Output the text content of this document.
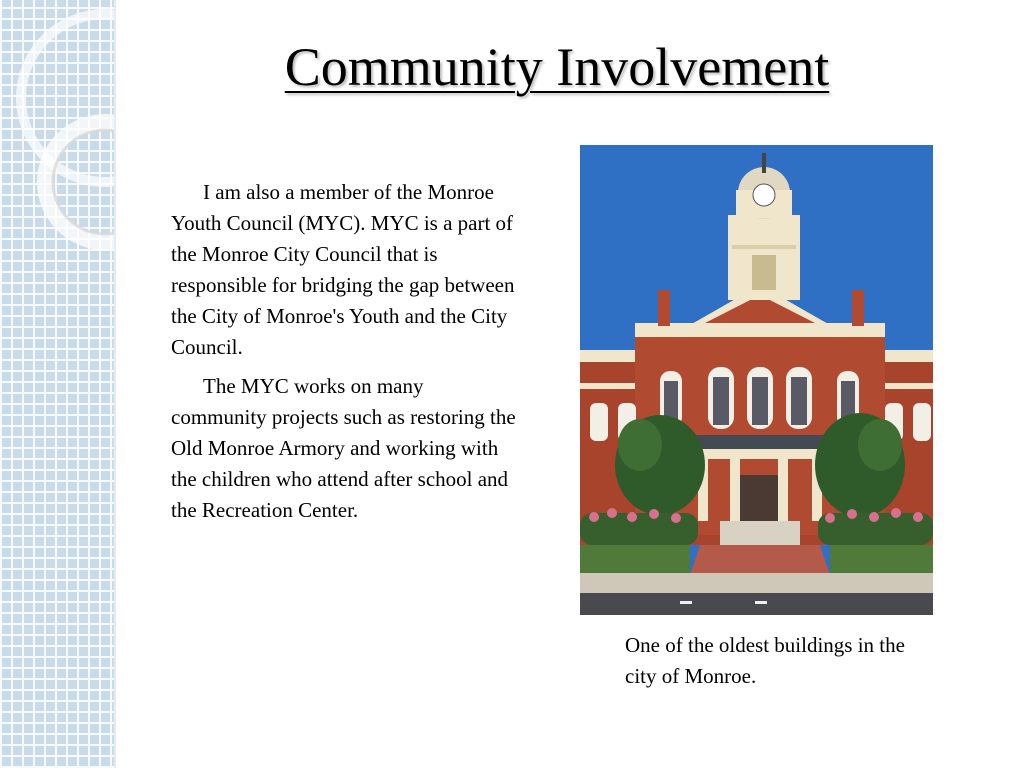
Community Involvement

I am also a member of the Monroe Youth Council (MYC). MYC is a part of the Monroe City Council that is responsible for bridging the gap between the City of Monroe's Youth and the City Council.

The MYC works on many community projects such as restoring the Old Monroe Armory and working with the children who attend after school and the Recreation Center.

One of the oldest buildings in the city of Monroe.
